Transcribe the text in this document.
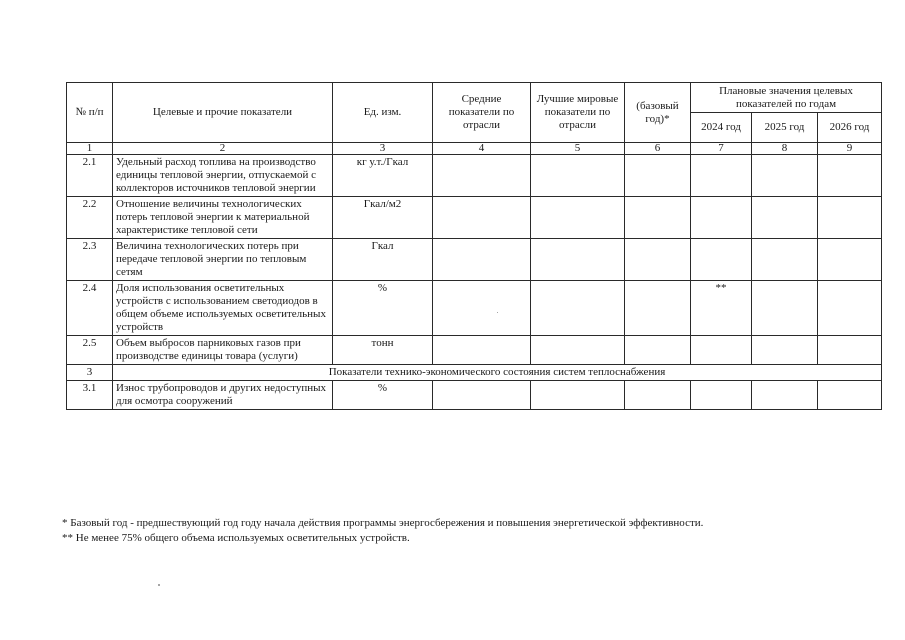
№ п/п	Целевые и прочие показатели	Ед. изм.	Средние показатели по отрасли	Лучшие мировые показатели по отрасли	(базовый год)*	Плановые значения целевых показателей по годам		
						2024 год	2025 год	2026 год
1	2	3	4	5	6	7	8	9
2.1	Удельный расход топлива на производство единицы тепловой энергии, отпускаемой с коллекторов источников тепловой энергии	кг у.т./Гкал						
2.2	Отношение величины технологических потерь тепловой энергии к материальной характеристике тепловой сети	Гкал/м2						
2.3	Величина технологических потерь при передаче тепловой энергии по тепловым сетям	Гкал						
2.4	Доля использования осветительных устройств с использованием светодиодов в общем объеме используемых осветительных устройств	%				**		
2.5	Объем выбросов парниковых газов при производстве единицы товара (услуги)	тонн						
3	Показатели технико-экономического состояния систем теплоснабжения							
3.1	Износ трубопроводов и других недоступных для осмотра сооружений	%						
* Базовый год - предшествующий год году начала действия программы энергосбережения и повышения энергетической эффективности.
** Не менее 75% общего объема используемых осветительных устройств.
